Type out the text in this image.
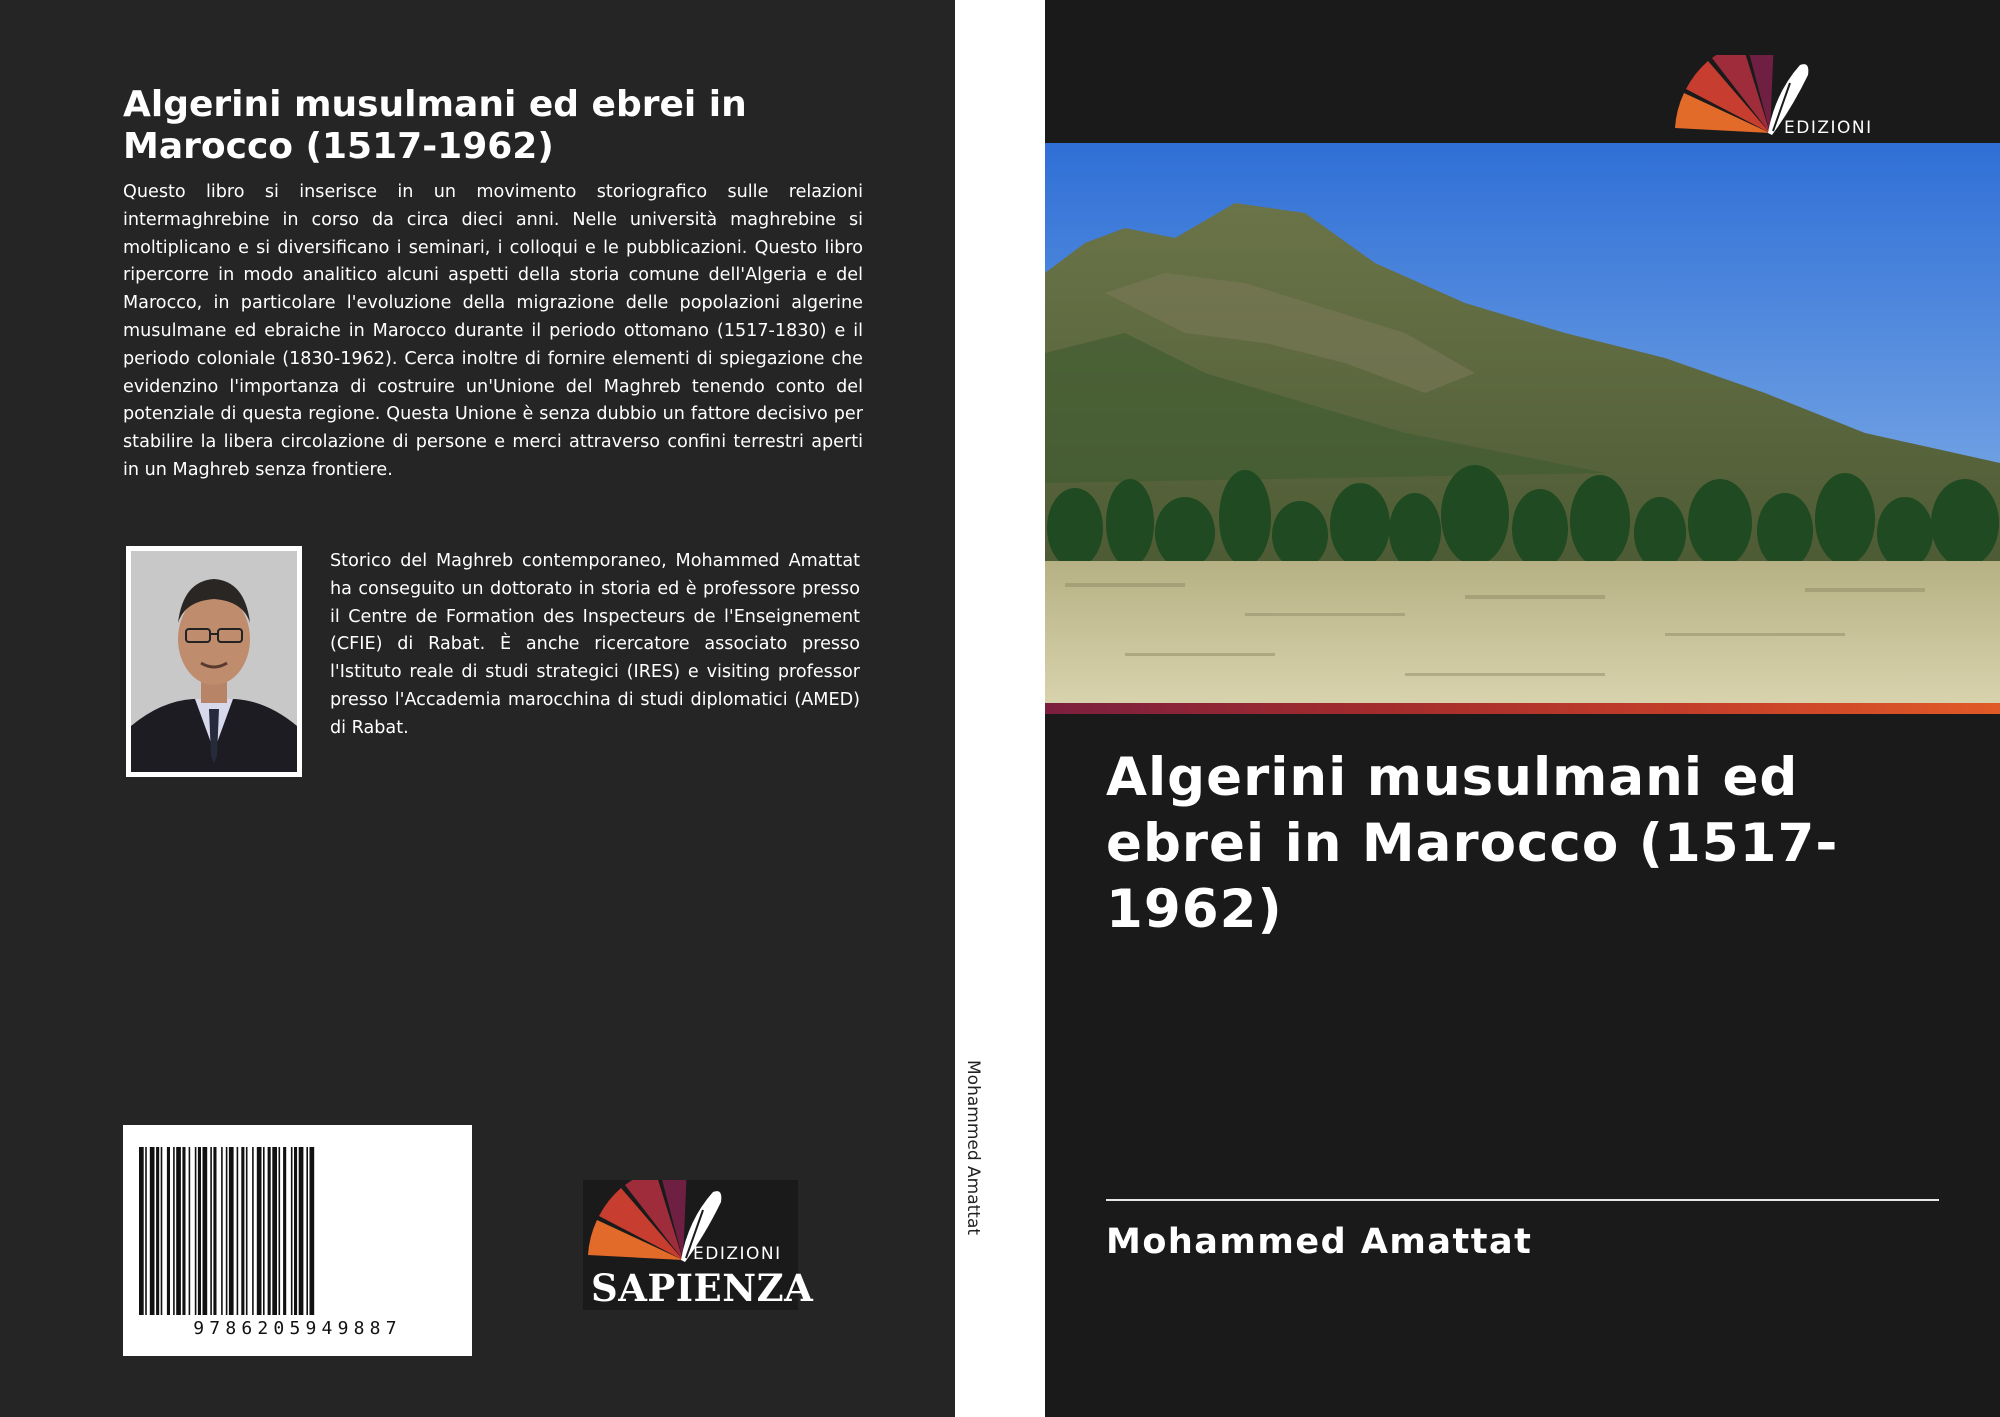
Algerini musulmani ed ebrei in Marocco (1517-1962)

Questo libro si inserisce in un movimento storiografico sulle relazioni intermaghrebine in corso da circa dieci anni. Nelle università maghrebine si moltiplicano e si diversificano i seminari, i colloqui e le pubblicazioni. Questo libro ripercorre in modo analitico alcuni aspetti della storia comune dell'Algeria e del Marocco, in particolare l'evoluzione della migrazione delle popolazioni algerine musulmane ed ebraiche in Marocco durante il periodo ottomano (1517-1830) e il periodo coloniale (1830-1962). Cerca inoltre di fornire elementi di spiegazione che evidenzino l'importanza di costruire un'Unione del Maghreb tenendo conto del potenziale di questa regione. Questa Unione è senza dubbio un fattore decisivo per stabilire la libera circolazione di persone e merci attraverso confini terrestri aperti in un Maghreb senza frontiere.

Storico del Maghreb contemporaneo, Mohammed Amattat ha conseguito un dottorato in storia ed è professore presso il Centre de Formation des Inspecteurs de l'Enseignement (CFIE) di Rabat. È anche ricercatore associato presso l'Istituto reale di studi strategici (IRES) e visiting professor presso l'Accademia marocchina di studi diplomatici (AMED) di Rabat.

9786205949887
EDIZIONI
SAPIENZA
Mohammed Amattat
EDIZIONI
Algerini musulmani ed ebrei in Marocco (1517-1962)
Mohammed Amattat
